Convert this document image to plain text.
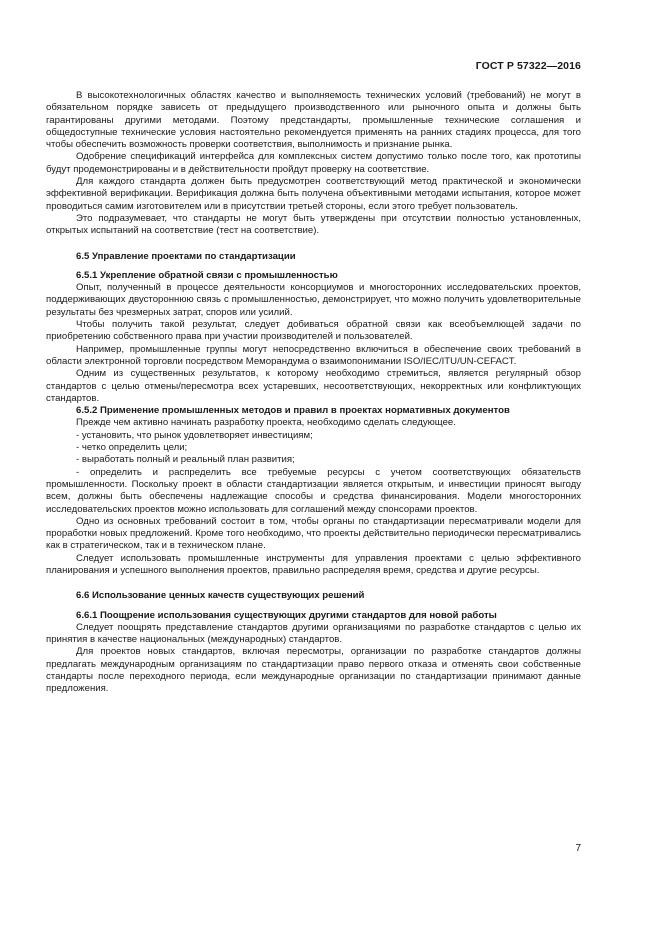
ГОСТ Р 57322—2016

В высокотехнологичных областях качество и выполняемость технических условий (требований) не могут в обязательном порядке зависеть от предыдущего производственного или рыночного опыта и должны быть гарантированы другими методами. Поэтому предстандарты, промышленные технические соглашения и общедоступные технические условия настоятельно рекомендуется применять на ранних стадиях процесса, для того чтобы обеспечить возможность проверки соответствия, выполнимость и признание рынка.

Одобрение спецификаций интерфейса для комплексных систем допустимо только после того, как прототипы будут продемонстрированы и в действительности пройдут проверку на соответствие.

Для каждого стандарта должен быть предусмотрен соответствующий метод практической и экономически эффективной верификации. Верификация должна быть получена объективными методами испытания, которое может проводиться самим изготовителем или в присутствии третьей стороны, если этого требует пользователь.

Это подразумевает, что стандарты не могут быть утверждены при отсутствии полностью установленных, открытых испытаний на соответствие (тест на соответствие).

6.5 Управление проектами по стандартизации
6.5.1 Укрепление обратной связи с промышленностью

Опыт, полученный в процессе деятельности консорциумов и многосторонних исследовательских проектов, поддерживающих двустороннюю связь с промышленностью, демонстрирует, что можно получить удовлетворительные результаты без чрезмерных затрат, споров или усилий.

Чтобы получить такой результат, следует добиваться обратной связи как всеобъемлющей задачи по приобретению собственного права при участии производителей и пользователей.

Например, промышленные группы могут непосредственно включиться в обеспечение своих требований в области электронной торговли посредством Меморандума о взаимопонимании ISO/IEC/ITU/UN-CEFACT.

Одним из существенных результатов, к которому необходимо стремиться, является регулярный обзор стандартов с целью отмены/пересмотра всех устаревших, несоответствующих, некорректных или конфликтующих стандартов.

6.5.2 Применение промышленных методов и правил в проектах нормативных документов

Прежде чем активно начинать разработку проекта, необходимо сделать следующее.

- установить, что рынок удовлетворяет инвестициям;

- четко определить цели;

- выработать полный и реальный план развития;

- определить и распределить все требуемые ресурсы с учетом соответствующих обязательств промышленности. Поскольку проект в области стандартизации является открытым, и инвестиции приносят выгоду всем, должны быть обеспечены надлежащие способы и средства финансирования. Модели многосторонних исследовательских проектов можно использовать для соглашений между спонсорами проектов.

Одно из основных требований состоит в том, чтобы органы по стандартизации пересматривали модели для проработки новых предложений. Кроме того необходимо, что проекты действительно периодически пересматривались как в стратегическом, так и в техническом плане.

Следует использовать промышленные инструменты для управления проектами с целью эффективного планирования и успешного выполнения проектов, правильно распределяя время, средства и другие ресурсы.

6.6 Использование ценных качеств существующих решений
6.6.1 Поощрение использования существующих другими стандартов для новой работы

Следует поощрять представление стандартов другими организациями по разработке стандартов с целью их принятия в качестве национальных (международных) стандартов.

Для проектов новых стандартов, включая пересмотры, организации по разработке стандартов должны предлагать международным организациям по стандартизации право первого отказа и отменять свои собственные стандарты после переходного периода, если международные организации по стандартизации принимают данные предложения.

7
